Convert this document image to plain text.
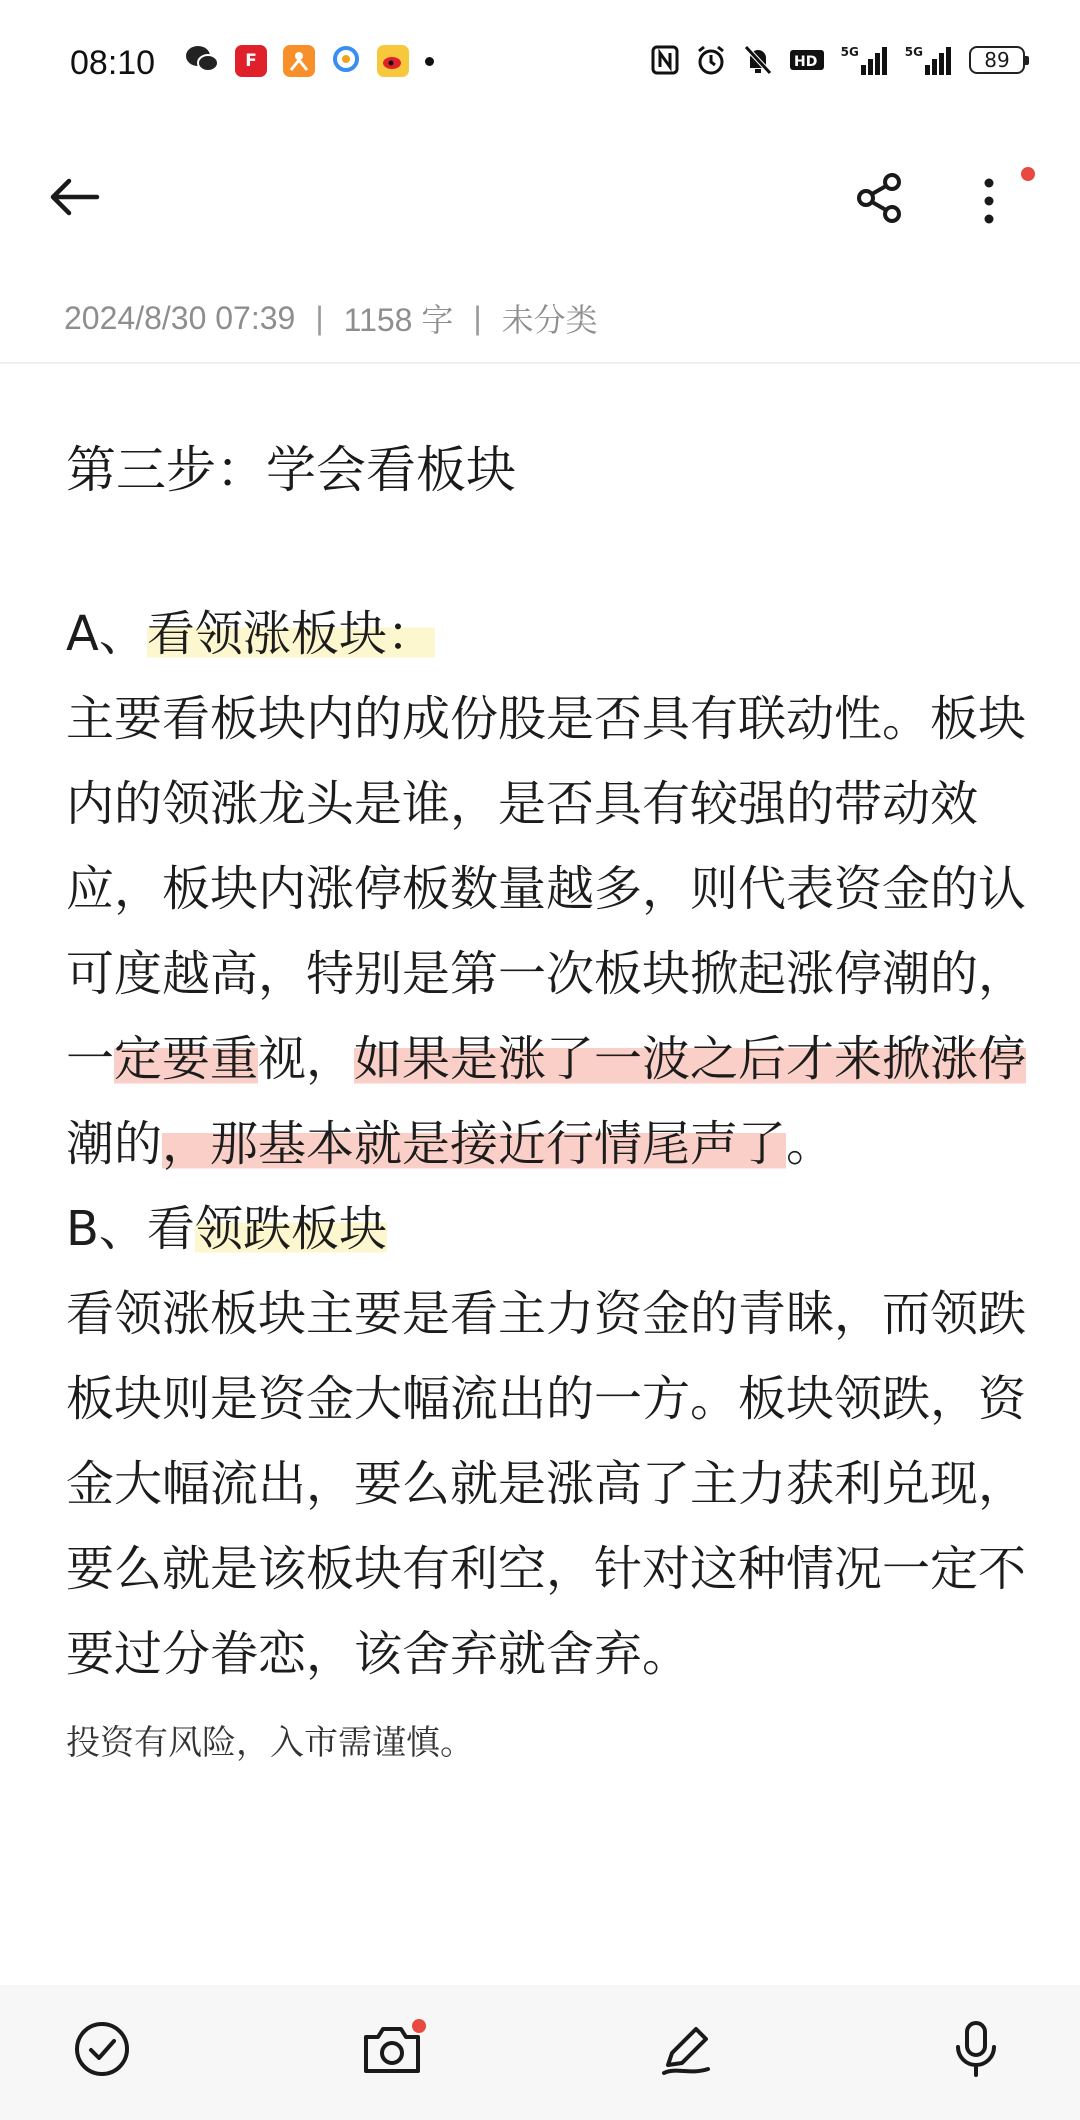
08:10	F	HD
5G	5G	89
2024/8/30 07:39 | 1158 字 | 未分类

第三步：学会看板块

A、看领涨板块：

主要看板块内的成份股是否具有联动性。板块内的领涨龙头是谁，是否具有较强的带动效应，板块内涨停板数量越多，则代表资金的认可度越高，特别是第一次板块掀起涨停潮的，一定要重视，如果是涨了一波之后才来掀涨停潮的，那基本就是接近行情尾声了。

B、看领跌板块

看领涨板块主要是看主力资金的青睐，而领跌板块则是资金大幅流出的一方。板块领跌，资金大幅流出，要么就是涨高了主力获利兑现，要么就是该板块有利空，针对这种情况一定不要过分眷恋，该舍弃就舍弃。

投资有风险，入市需谨慎。
